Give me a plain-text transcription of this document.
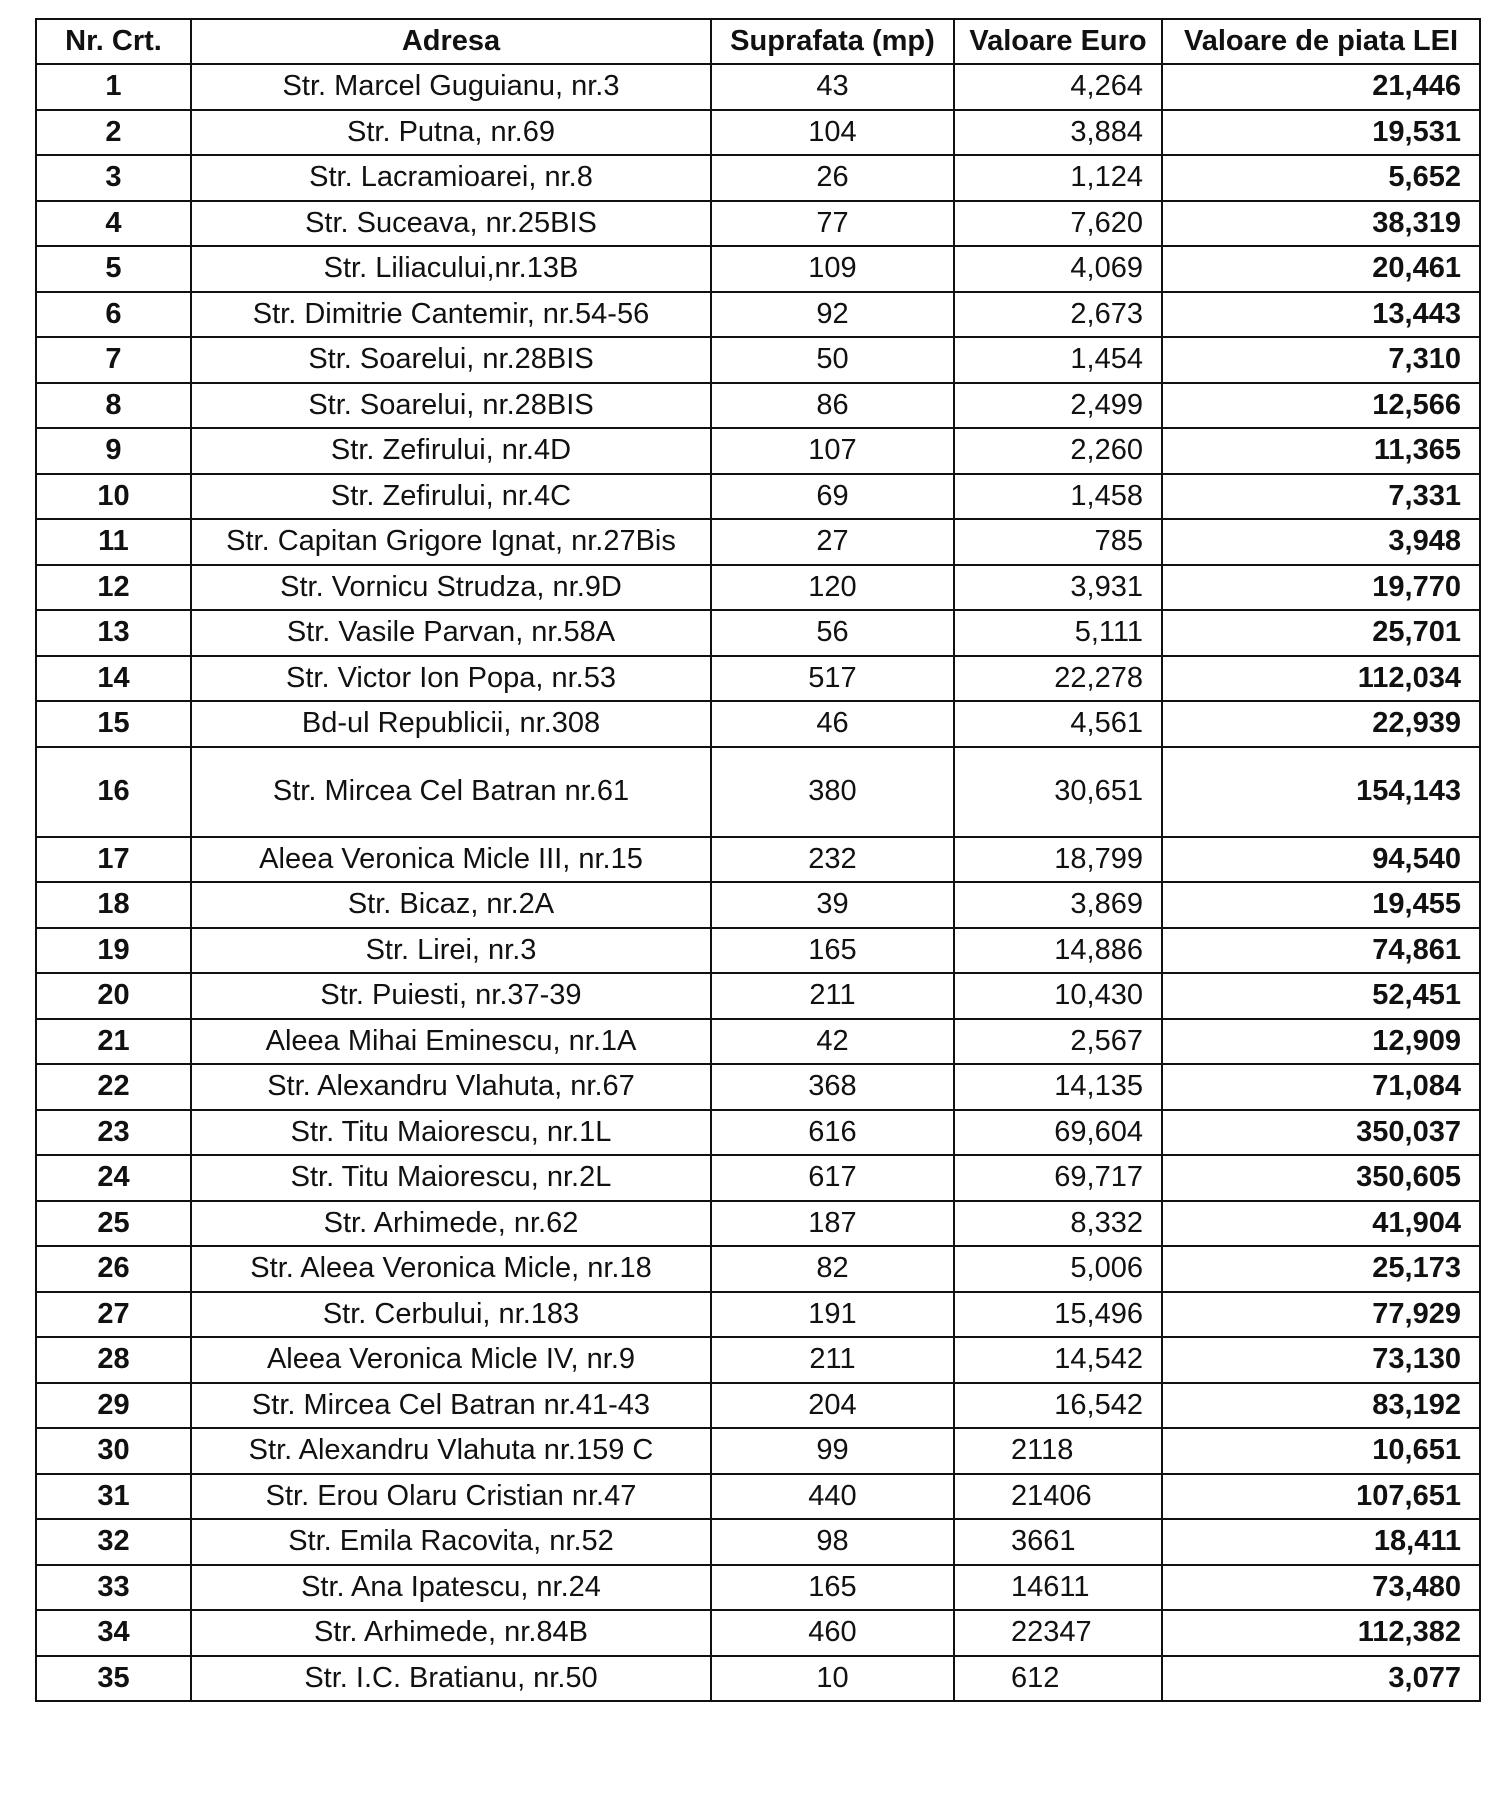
Nr. Crt.	Adresa	Suprafata (mp)	Valoare Euro	Valoare de piata LEI
1	Str. Marcel Guguianu, nr.3	43	4,264	21,446
2	Str. Putna, nr.69	104	3,884	19,531
3	Str. Lacramioarei, nr.8	26	1,124	5,652
4	Str. Suceava, nr.25BIS	77	7,620	38,319
5	Str. Liliacului,nr.13B	109	4,069	20,461
6	Str. Dimitrie Cantemir, nr.54-56	92	2,673	13,443
7	Str. Soarelui, nr.28BIS	50	1,454	7,310
8	Str. Soarelui, nr.28BIS	86	2,499	12,566
9	Str. Zefirului, nr.4D	107	2,260	11,365
10	Str. Zefirului, nr.4C	69	1,458	7,331
11	Str. Capitan Grigore Ignat, nr.27Bis	27	785	3,948
12	Str. Vornicu Strudza, nr.9D	120	3,931	19,770
13	Str. Vasile Parvan, nr.58A	56	5,111	25,701
14	Str. Victor Ion Popa, nr.53	517	22,278	112,034
15	Bd-ul Republicii, nr.308	46	4,561	22,939
16	Str. Mircea Cel Batran nr.61	380	30,651	154,143
17	Aleea Veronica Micle III, nr.15	232	18,799	94,540
18	Str. Bicaz, nr.2A	39	3,869	19,455
19	Str. Lirei, nr.3	165	14,886	74,861
20	Str. Puiesti, nr.37-39	211	10,430	52,451
21	Aleea Mihai Eminescu, nr.1A	42	2,567	12,909
22	Str. Alexandru Vlahuta, nr.67	368	14,135	71,084
23	Str. Titu Maiorescu, nr.1L	616	69,604	350,037
24	Str. Titu Maiorescu, nr.2L	617	69,717	350,605
25	Str. Arhimede, nr.62	187	8,332	41,904
26	Str. Aleea Veronica Micle, nr.18	82	5,006	25,173
27	Str. Cerbului, nr.183	191	15,496	77,929
28	Aleea Veronica Micle IV, nr.9	211	14,542	73,130
29	Str. Mircea Cel Batran nr.41-43	204	16,542	83,192
30	Str. Alexandru Vlahuta nr.159 C	99	2118	10,651
31	Str. Erou Olaru Cristian nr.47	440	21406	107,651
32	Str. Emila Racovita, nr.52	98	3661	18,411
33	Str. Ana Ipatescu, nr.24	165	14611	73,480
34	Str. Arhimede, nr.84B	460	22347	112,382
35	Str. I.C. Bratianu, nr.50	10	612	3,077
